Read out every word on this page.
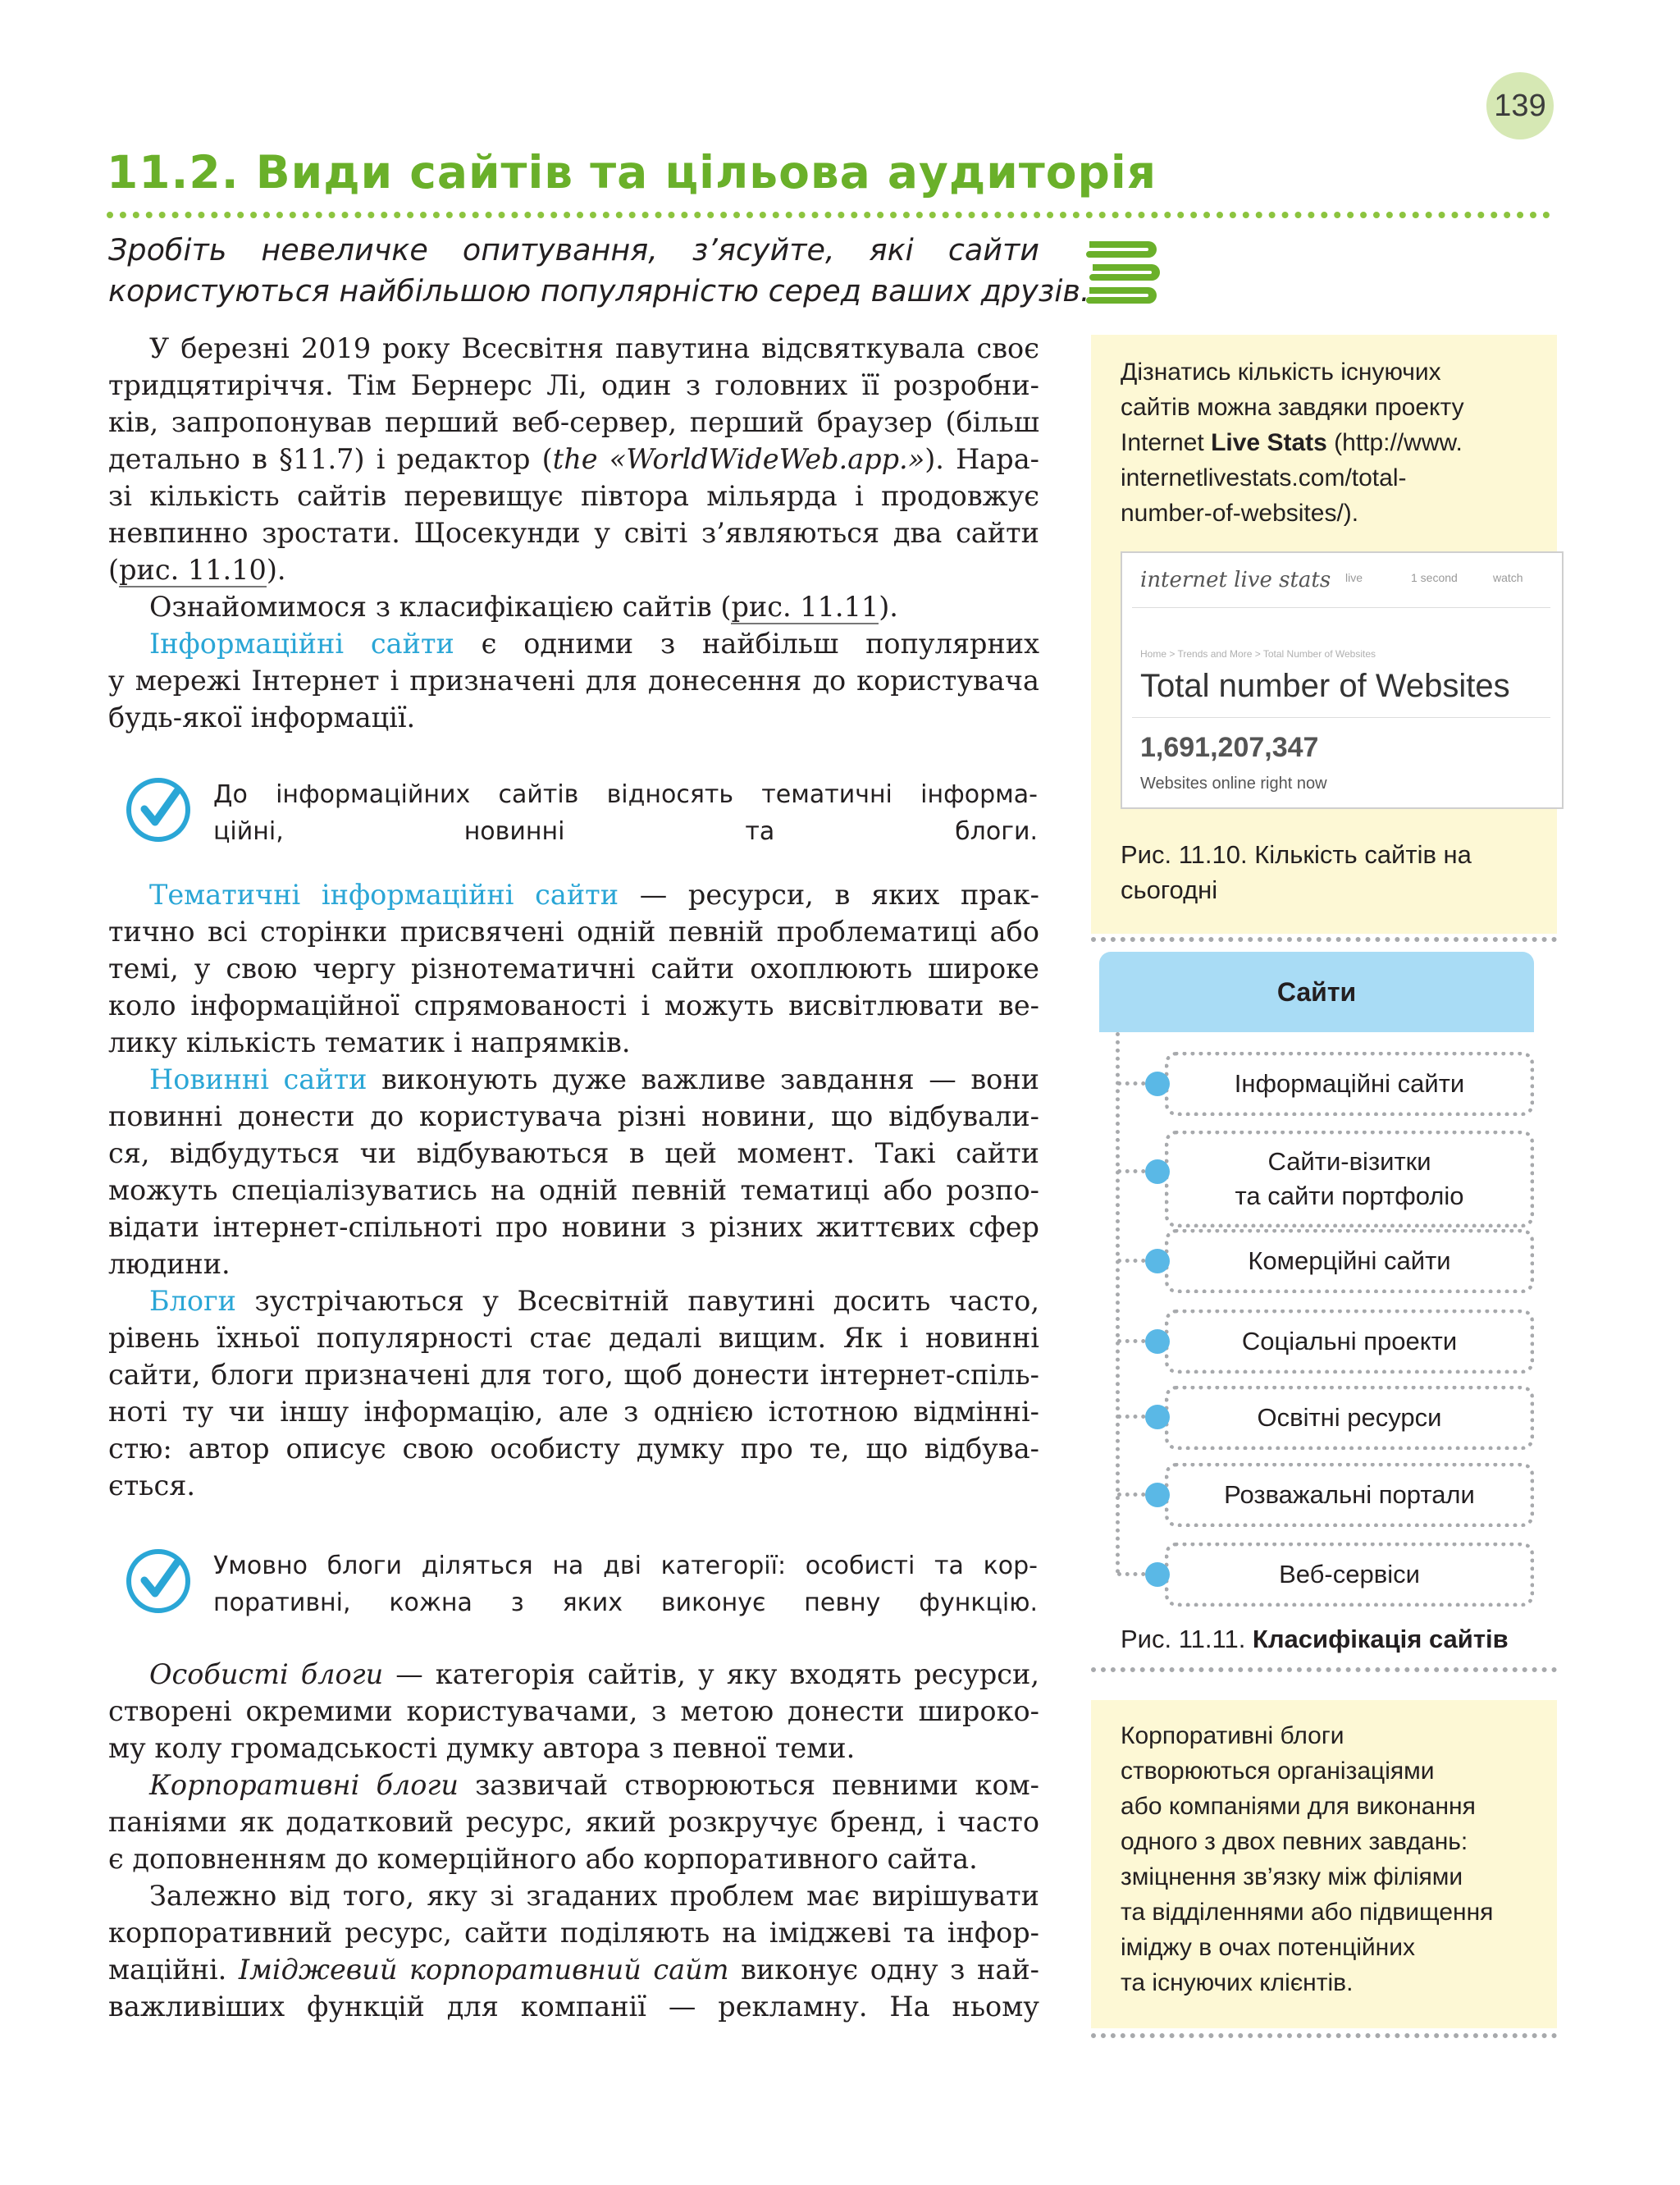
139
11.2. Види сайтів та цільова аудиторія
Зробіть невеличке опитування, з’ясуйте, які сайти
користуються найбільшою популярністю серед ваших друзів.
У березні 2019 року Всесвітня павутина відсвяткувала своє
тридцятиріччя. Тім Бернерс Лі, один з головних її розробни-
ків, запропонував перший веб-сервер, перший браузер (більш
детально в §11.7) і редактор (the «WorldWideWeb.app.»). Нара-
зі кількість сайтів перевищує півтора мільярда і продовжує
невпинно зростати. Щосекунди у світі з’являються два сайти
(рис. 11.10).
Ознайомимося з класифікацією сайтів (рис. 11.11).
Інформаційні сайти є одними з найбільш популярних
у мережі Інтернет і призначені для донесення до користувача
будь-якої інформації.
До інформаційних сайтів відносять тематичні інформа-
ційні, новинні та блоги.
Тематичні інформаційні сайти — ресурси, в яких прак-
тично всі сторінки присвячені одній певній проблематиці або
темі, у свою чергу різнотематичні сайти охоплюють широке
коло інформаційної спрямованості і можуть висвітлювати ве-
лику кількість тематик і напрямків.
Новинні сайти виконують дуже важливе завдання — вони
повинні донести до користувача різні новини, що відбували-
ся, відбудуться чи відбуваються в цей момент. Такі сайти
можуть спеціалізуватись на одній певній тематиці або розпо-
відати інтернет-спільноті про новини з різних життєвих сфер
людини.
Блоги зустрічаються у Всесвітній павутині досить часто,
рівень їхньої популярності стає дедалі вищим. Як і новинні
сайти, блоги призначені для того, щоб донести інтернет-спіль-
ноті ту чи іншу інформацію, але з однією істотною відмінні-
стю: автор описує свою особисту думку про те, що відбува-
ється.
Умовно блоги діляться на дві категорії: особисті та кор-
поративні, кожна з яких виконує певну функцію.
Особисті блоги — категорія сайтів, у яку входять ресурси,
створені окремими користувачами, з метою донести широко-
му колу громадськості думку автора з певної теми.
Корпоративні блоги зазвичай створюються певними ком-
паніями як додатковий ресурс, який розкручує бренд, і часто
є доповненням до комерційного або корпоративного сайта.
Залежно від того, яку зі згаданих проблем має вирішувати
корпоративний ресурс, сайти поділяють на іміджеві та інфор-
маційні. Іміджевий корпоративний сайт виконує одну з най-
важливіших функцій для компанії — рекламну. На ньому
Дізнатись кількість існуючих
сайтів можна завдяки проекту
Internet Live Stats (http://www.
internetlivestats.com/total-
number-of-websites/).
internet live stats live	1 second	watch
Home > Trends and More > Total Number of Websites
Total number of Websites
1,691,207,347
Websites online right now
Рис. 11.10. Кількість сайтів на
сьогодні
Сайти
Інформаційні сайти
Сайти-візитки
та сайти портфоліо
Комерційні сайти
Соціальні проекти
Освітні ресурси
Розважальні портали
Веб-сервіси
Рис. 11.11. Класифікація сайтів
Корпоративні блоги
створюються організаціями
або компаніями для виконання
одного з двох певних завдань:
зміцнення зв’язку між філіями
та відділеннями або підвищення
іміджу в очах потенційних
та існуючих клієнтів.
